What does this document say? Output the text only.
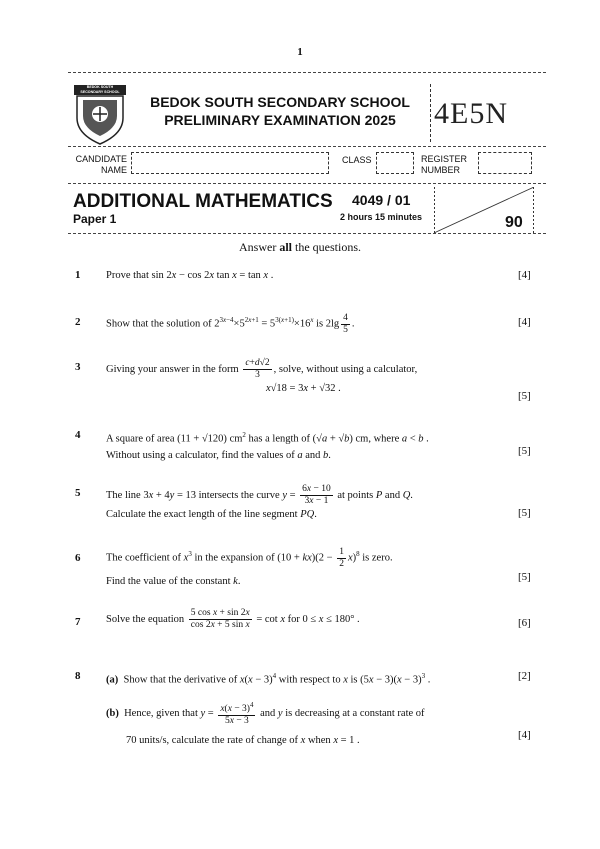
1
BEDOK SOUTH SECONDARY SCHOOL
BEDOK SOUTH SECONDARY SCHOOL
PRELIMINARY EXAMINATION 2025	4E5N
CANDIDATE
NAME
CLASS	REGISTER
NUMBER
ADDITIONAL MATHEMATICS
Paper 1
4049 / 01
2 hours 15 minutes	90
Answer all the questions.
1 Prove that sin 2x − cos 2x tan x = tan x .	[4]
2 Show that the solution of $2^{3x-4}\times 5^{2x+1} = 5^{3(x+1)}\times 16^x$ is $2\lg \frac{4}{5}$ .	[4]
3 Giving your answer in the form $\frac{c+d√2}{3}$ , solve, without using a calculator,
x√18 = 3x + √32 .
[5]
4 A square of area (11 + √120) $cm^2$ has a length of (√a + √b) cm, where a < b .
Without using a calculator, find the values of a and b.	[5]
5 The line 3x + 4y = 13 intersects the curve $y = \frac{6x - 10}{3x - 1}$ at points P and Q.
Calculate the exact length of the line segment PQ.	[5]
6 The coefficient of $x^3$ in the expansion of $(10 + kx)(2 - \frac{1}{2} x)^8$ is zero.
Find the value of the constant k.	[5]
7 Solve the equation $\frac{\text{5 cos x + sin 2x}}{\text{cos 2x + 5 sin x}} = \cot x$ for 0 ≤ x ≤ 180° .	[6]
8 (a) Show that the derivative of $x(x - 3)^4$ with respect to x is $(5x - 3)(x - 3)^3$ .	[2]
(b) Hence, given that $y = \frac{x(x - 3)^4}{5x - 3}$ and y is decreasing at a constant rate of
70 units/s, calculate the rate of change of x when x = 1 .	[4]
